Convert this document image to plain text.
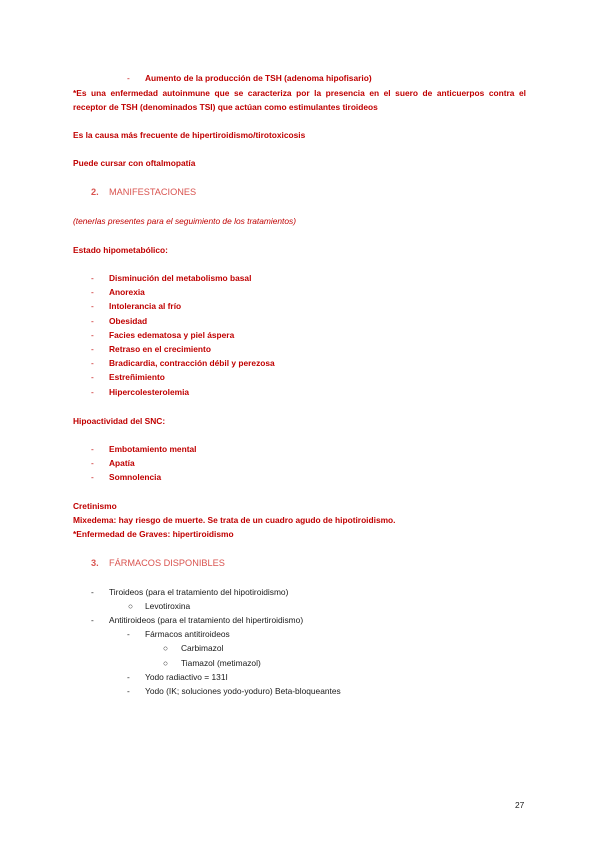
- Aumento de la producción de TSH (adenoma hipofisario)
*Es una enfermedad autoinmune que se caracteriza por la presencia en el suero de anticuerpos contra el receptor de TSH (denominados TSI) que actúan como estimulantes tiroideos
Es la causa más frecuente de hipertiroidismo/tirotoxicosis
Puede cursar con oftalmopatía
2. MANIFESTACIONES
(tenerlas presentes para el seguimiento de los tratamientos)
Estado hipometabólico:
- Disminución del metabolismo basal
- Anorexia
- Intolerancia al frío
- Obesidad
- Facies edematosa y piel áspera
- Retraso en el crecimiento
- Bradicardia, contracción débil y perezosa
- Estreñimiento
- Hipercolesterolemia
Hipoactividad del SNC:
- Embotamiento mental
- Apatía
- Somnolencia
Cretinismo
Mixedema: hay riesgo de muerte. Se trata de un cuadro agudo de hipotiroidismo.
*Enfermedad de Graves: hipertiroidismo
3. FÁRMACOS DISPONIBLES
- Tiroideos (para el tratamiento del hipotiroidismo)
○ Levotiroxina
- Antitiroideos (para el tratamiento del hipertiroidismo)
- Fármacos antitiroideos
○ Carbimazol
○ Tiamazol (metimazol)
- Yodo radiactivo = 131I
- Yodo (IK; soluciones yodo-yoduro) Beta-bloqueantes
27
